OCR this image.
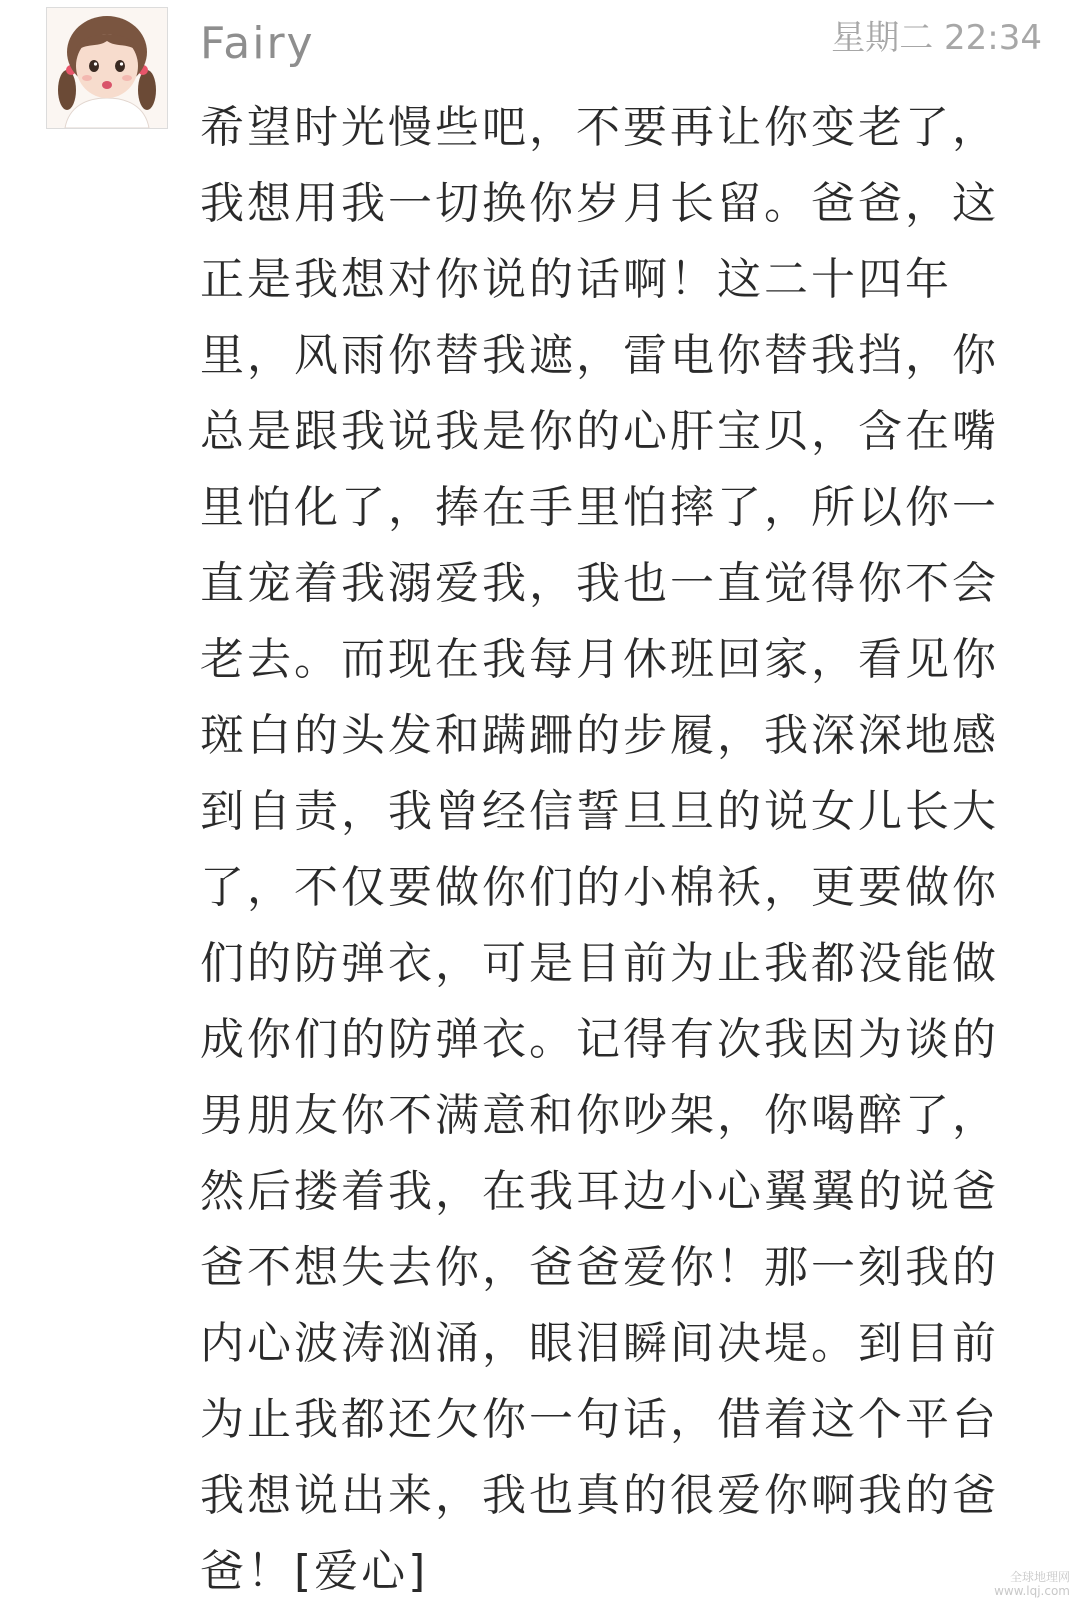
Fairy	星期二 22:34
希望时光慢些吧，不要再让你变老了，
我想用我一切换你岁月长留。爸爸，这
正是我想对你说的话啊！这二十四年
里，风雨你替我遮，雷电你替我挡，你
总是跟我说我是你的心肝宝贝，含在嘴
里怕化了，捧在手里怕摔了，所以你一
直宠着我溺爱我，我也一直觉得你不会
老去。而现在我每月休班回家，看见你
斑白的头发和蹒跚的步履，我深深地感
到自责，我曾经信誓旦旦的说女儿长大
了，不仅要做你们的小棉袄，更要做你
们的防弹衣，可是目前为止我都没能做
成你们的防弹衣。记得有次我因为谈的
男朋友你不满意和你吵架，你喝醉了，
然后搂着我，在我耳边小心翼翼的说爸
爸不想失去你，爸爸爱你！那一刻我的
内心波涛汹涌，眼泪瞬间决堤。到目前
为止我都还欠你一句话，借着这个平台
我想说出来，我也真的很爱你啊我的爸
爸！[爱心]	全球地理网
www.lqj.com
